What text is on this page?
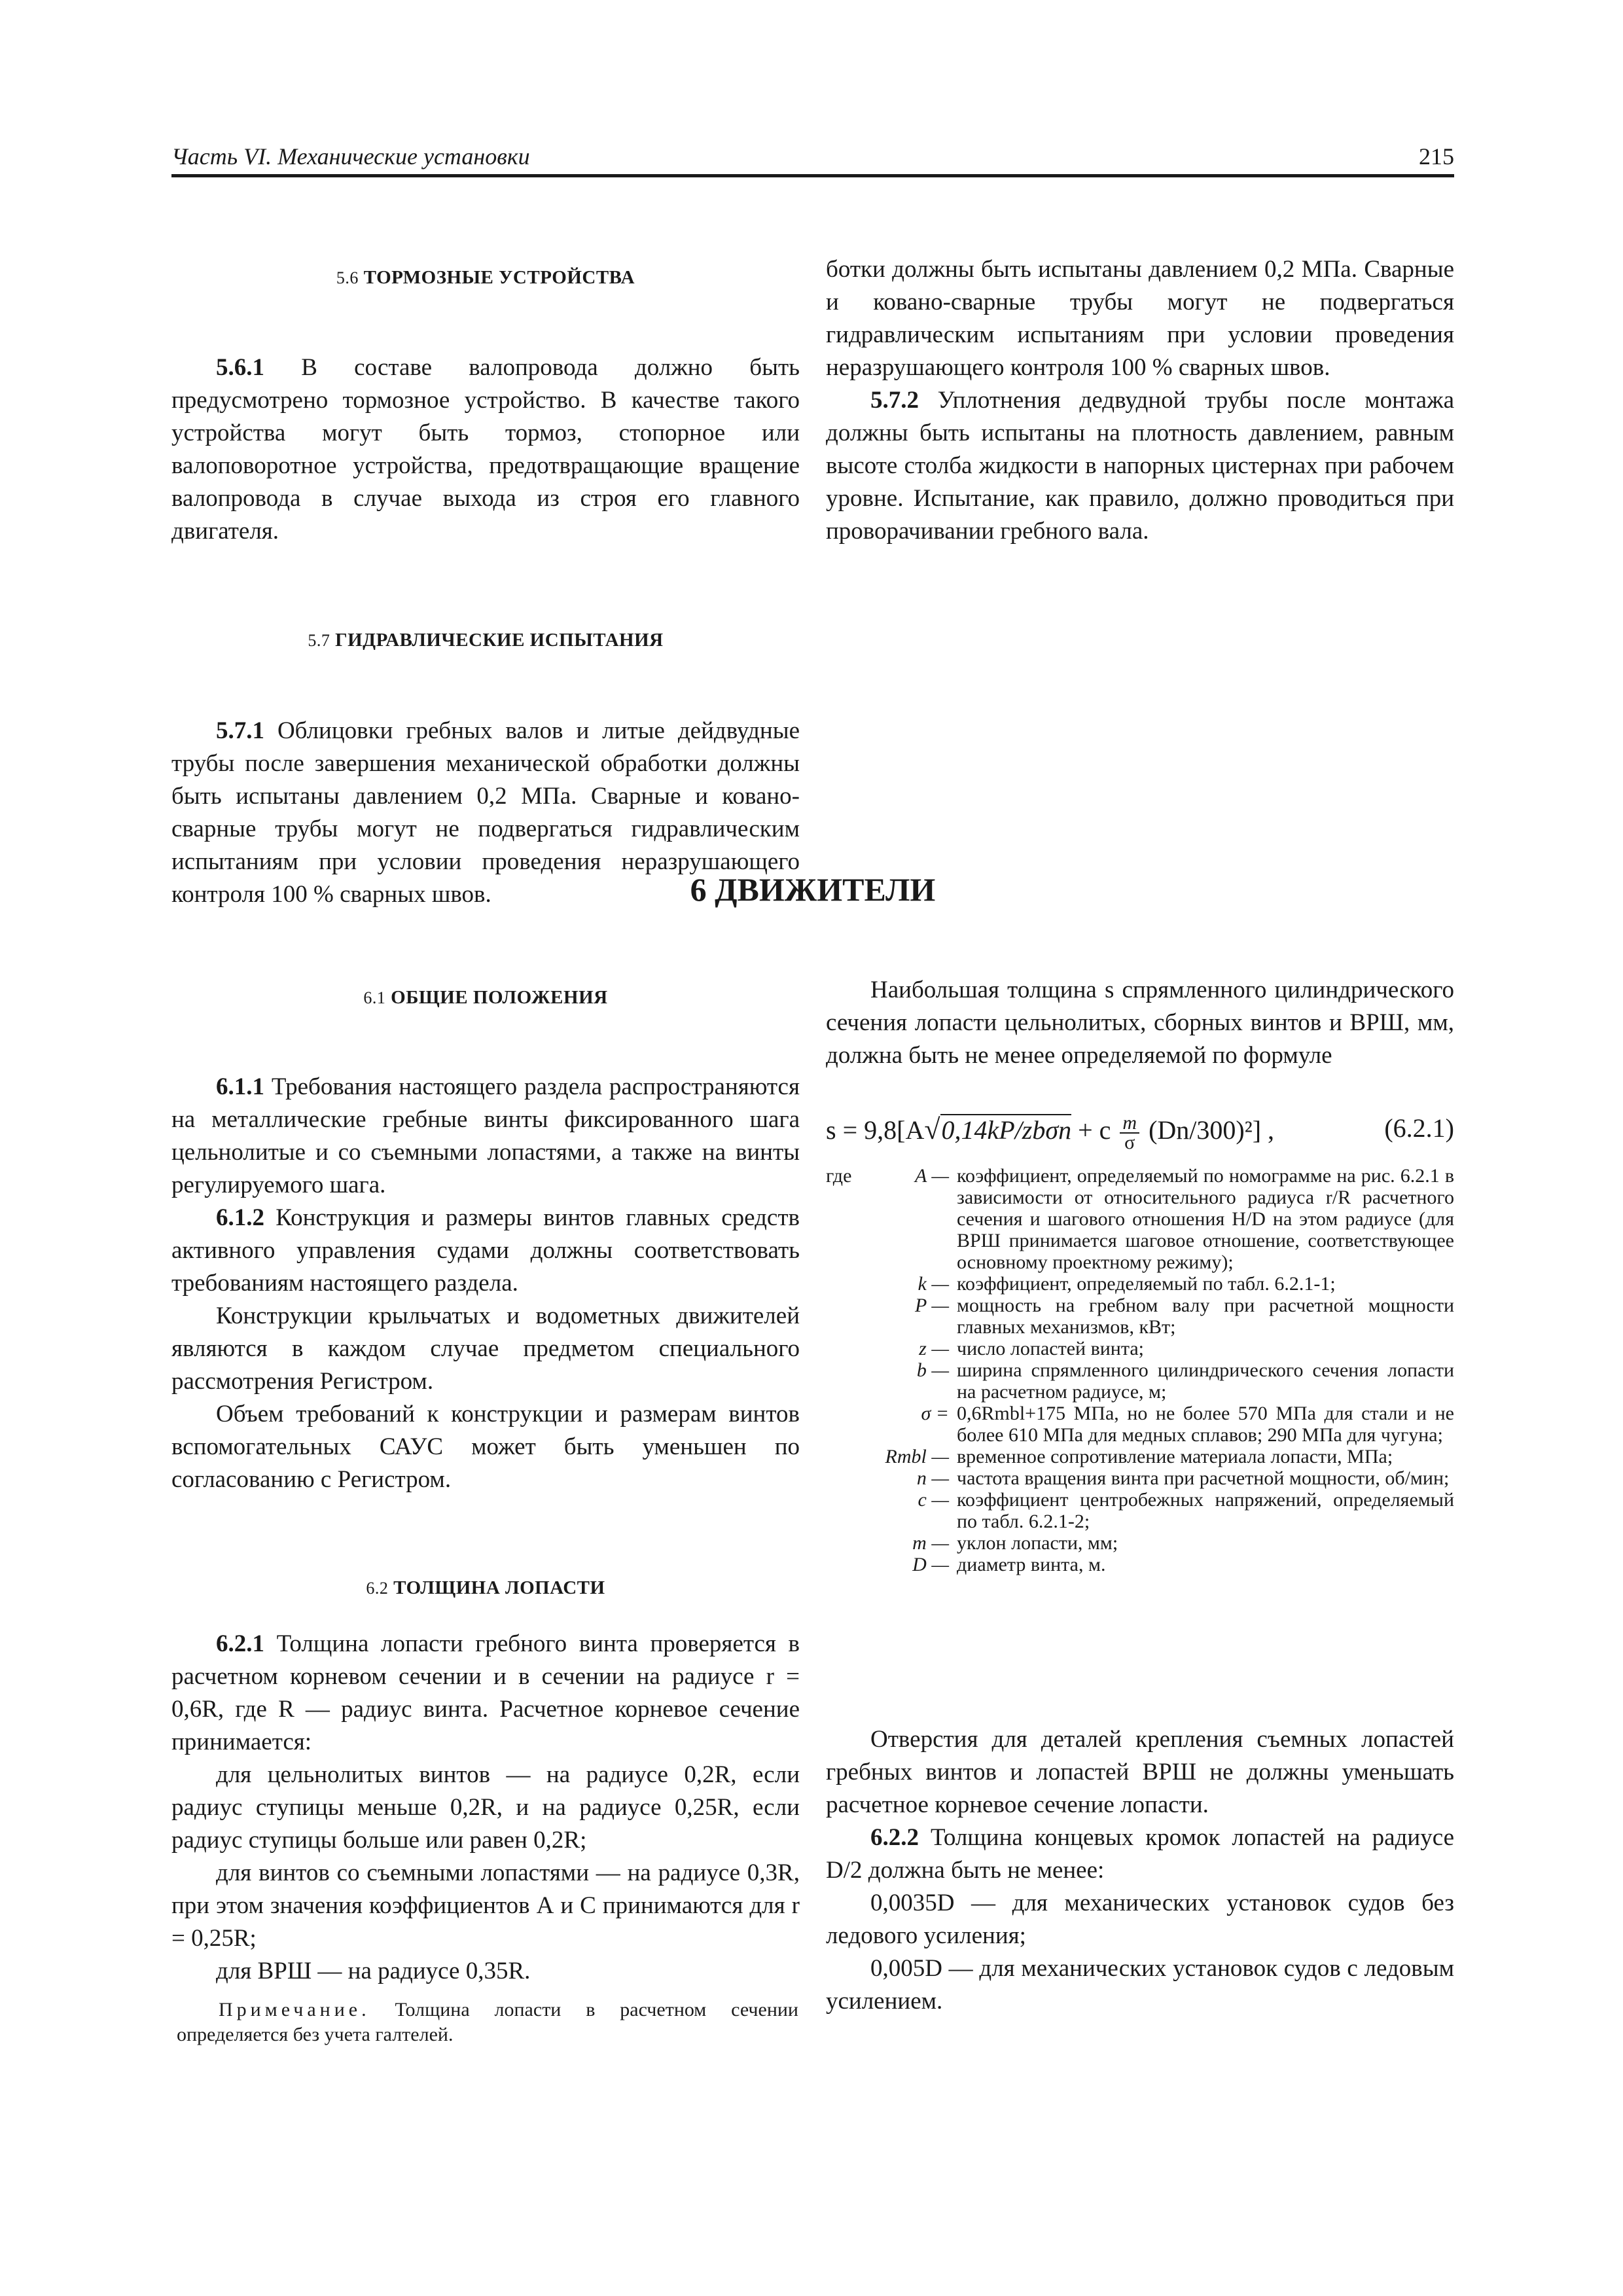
Часть VI. Механические установки	215
5.6 ТОРМОЗНЫЕ УСТРОЙСТВА

5.6.1 В составе валопровода должно быть предусмотрено тормозное устройство. В качестве такого устройства могут быть тормоз, стопорное или валоповоротное устройства, предотвращающие вращение валопровода в случае выхода из строя его главного двигателя.

5.7 ГИДРАВЛИЧЕСКИЕ ИСПЫТАНИЯ

5.7.1 Облицовки гребных валов и литые дейдвудные трубы после завершения механической обработки должны быть испытаны давлением 0,2 МПа. Сварные и ковано-сварные трубы могут не подвергаться гидравлическим испытаниям при условии проведения неразрушающего контроля 100 % сварных швов.

ботки должны быть испытаны давлением 0,2 МПа. Сварные и ковано-сварные трубы могут не подвергаться гидравлическим испытаниям при условии проведения неразрушающего контроля 100 % сварных швов.

5.7.2 Уплотнения дедвудной трубы после монтажа должны быть испытаны на плотность давлением, равным высоте столба жидкости в напорных цистернах при рабочем уровне. Испытание, как правило, должно проводиться при проворачивании гребного вала.

6 ДВИЖИТЕЛИ
6.1 ОБЩИЕ ПОЛОЖЕНИЯ

6.1.1 Требования настоящего раздела распространяются на металлические гребные винты фиксированного шага цельнолитые и со съемными лопастями, а также на винты регулируемого шага.

6.1.2 Конструкция и размеры винтов главных средств активного управления судами должны соответствовать требованиям настоящего раздела.

Конструкции крыльчатых и водометных движителей являются в каждом случае предметом специального рассмотрения Регистром.

Объем требований к конструкции и размерам винтов вспомогательных САУС может быть уменьшен по согласованию с Регистром.

6.2 ТОЛЩИНА ЛОПАСТИ

6.2.1 Толщина лопасти гребного винта проверяется в расчетном корневом сечении и в сечении на радиусе r = 0,6R, где R — радиус винта. Расчетное корневое сечение принимается:

для цельнолитых винтов — на радиусе 0,2R, если радиус ступицы меньше 0,2R, и на радиусе 0,25R, если радиус ступицы больше или равен 0,2R;

для винтов со съемными лопастями — на радиусе 0,3R, при этом значения коэффициентов А и С принимаются для r = 0,25R;

для ВРШ — на радиусе 0,35R.

Примечание. Толщина лопасти в расчетном сечении определяется без учета галтелей.

Наибольшая толщина s спрямленного цилиндрического сечения лопасти цельнолитых, сборных винтов и ВРШ, мм, должна быть не менее определяемой по формуле

s = 9,8[A√0,14kP/zbσn + c $\frac{m}{\sigma} (Dn/300)^2$] ,	(6.2.1)
где	A —	коэффициент, определяемый по номограмме на рис. 6.2.1 в зависимости от относительного радиуса r/R расчетного сечения и шагового отношения H/D на этом радиусе (для ВРШ принимается шаговое отношение, соответствующее основному проектному режиму);
k —	коэффициент, определяемый по табл. 6.2.1-1;
P —	мощность на гребном валу при расчетной мощности главных механизмов, кВт;
z —	число лопастей винта;
b —	ширина спрямленного цилиндрического сечения лопасти на расчетном радиусе, м;
σ =	0,6Rmbl+175 МПа, но не более 570 МПа для стали и не более 610 МПа для медных сплавов; 290 МПа для чугуна;
Rmbl —	временное сопротивление материала лопасти, МПа;
n —	частота вращения винта при расчетной мощности, об/мин;
c —	коэффициент центробежных напряжений, определяемый по табл. 6.2.1-2;
m —	уклон лопасти, мм;
D —	диаметр винта, м.

Отверстия для деталей крепления съемных лопастей гребных винтов и лопастей ВРШ не должны уменьшать расчетное корневое сечение лопасти.

6.2.2 Толщина концевых кромок лопастей на радиусе D/2 должна быть не менее:

0,0035D — для механических установок судов без ледового усиления;

0,005D — для механических установок судов с ледовым усилением.
